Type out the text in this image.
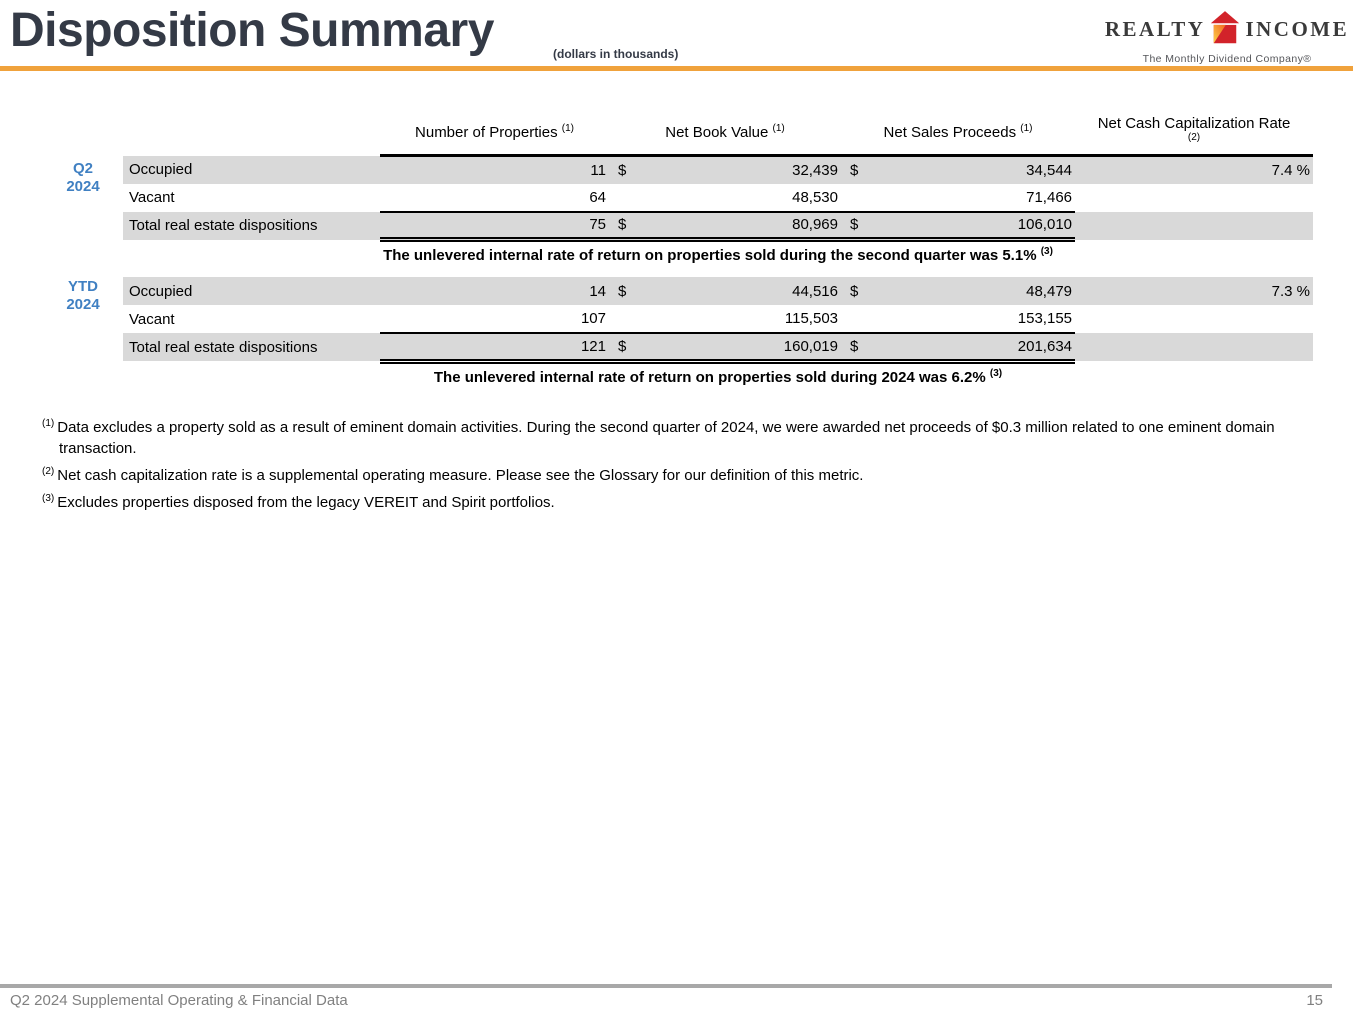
Disposition Summary	(dollars in thousands)
REALTY INCOME
The Monthly Dividend Company®
Q2
2024
YTD
2024
	Number of Properties $^{(1)}$	Net Book Value $^{(1)}$		Net Sales Proceeds $^{(1)}$		Net Cash Capitalization Rate $^{(2)}$

Occupied	11	$	32,439	$	34,544	7.4 %
Vacant	64		48,530		71,466	
Total real estate dispositions	75	$	80,969	$	106,010	
The unlevered internal rate of return on properties sold during the second quarter was 5.1% $^{(3)}$
Occupied	14	$	44,516	$	48,479	7.3 %
Vacant	107		115,503		153,155	
Total real estate dispositions	121	$	160,019	$	201,634	
The unlevered internal rate of return on properties sold during 2024 was 6.2% $^{(3)}$

$^{(1)}$ Data excludes a property sold as a result of eminent domain activities. During the second quarter of 2024, we were awarded net proceeds of $0.3 million related to one eminent domain transaction.

$^{(2)}$ Net cash capitalization rate is a supplemental operating measure. Please see the Glossary for our definition of this metric.

$^{(3)}$ Excludes properties disposed from the legacy VEREIT and Spirit portfolios.

Q2 2024 Supplemental Operating & Financial Data	15
